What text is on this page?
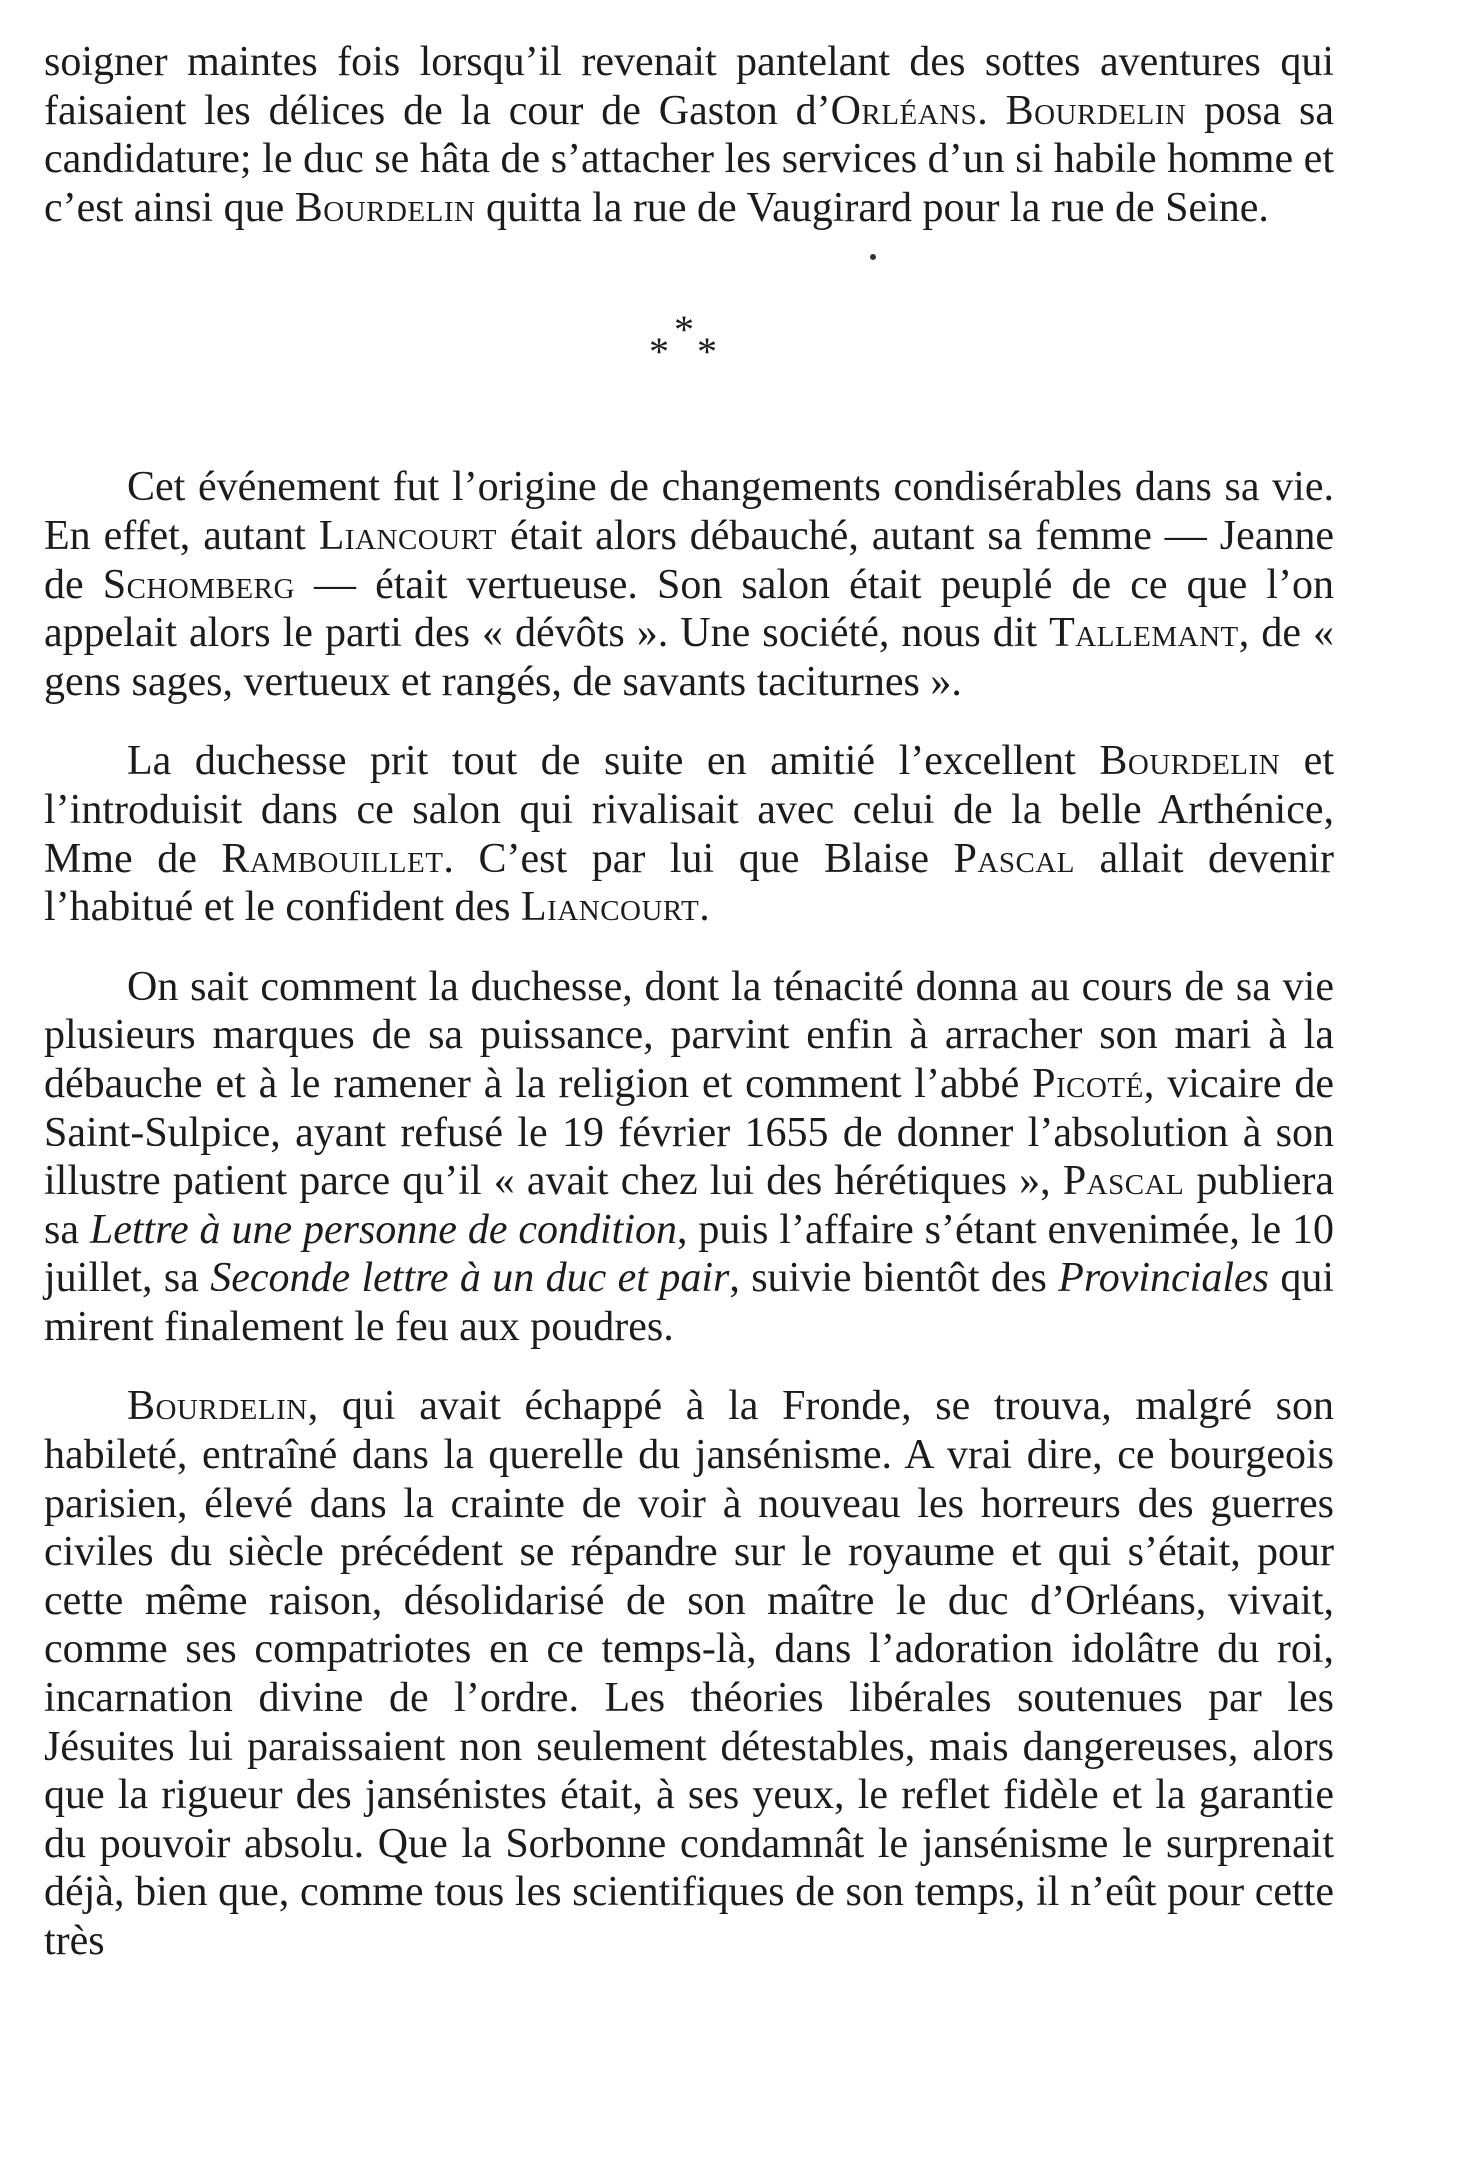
soigner maintes fois lorsqu’il revenait pantelant des sottes aventures qui faisaient les délices de la cour de Gaston d’Orléans. Bourdelin posa sa candidature; le duc se hâta de s’attacher les services d’un si habile homme et c’est ainsi que Bourdelin quitta la rue de Vaugirard pour la rue de Seine.

*
* *

Cet événement fut l’origine de changements condisérables dans sa vie. En effet, autant Liancourt était alors débauché, autant sa femme — Jeanne de Schomberg — était vertueuse. Son salon était peuplé de ce que l’on appelait alors le parti des « dévôts ». Une société, nous dit Tallemant, de « gens sages, vertueux et rangés, de savants taciturnes ».

La duchesse prit tout de suite en amitié l’excellent Bourdelin et l’introduisit dans ce salon qui rivalisait avec celui de la belle Arthénice, Mme de Rambouillet. C’est par lui que Blaise Pascal allait devenir l’habitué et le confident des Liancourt.

On sait comment la duchesse, dont la ténacité donna au cours de sa vie plusieurs marques de sa puissance, parvint enfin à arracher son mari à la débauche et à le ramener à la religion et comment l’abbé Picoté, vicaire de Saint-Sulpice, ayant refusé le 19 février 1655 de donner l’absolution à son illustre patient parce qu’il « avait chez lui des hérétiques », Pascal publiera sa Lettre à une personne de condition, puis l’affaire s’étant envenimée, le 10 juillet, sa Seconde lettre à un duc et pair, suivie bientôt des Provinciales qui mirent finalement le feu aux poudres.

Bourdelin, qui avait échappé à la Fronde, se trouva, malgré son habileté, entraîné dans la querelle du jansénisme. A vrai dire, ce bourgeois parisien, élevé dans la crainte de voir à nouveau les horreurs des guerres civiles du siècle précédent se répandre sur le royaume et qui s’était, pour cette même raison, désolidarisé de son maître le duc d’Orléans, vivait, comme ses compatriotes en ce temps-là, dans l’adoration idolâtre du roi, incarnation divine de l’ordre. Les théories libérales soutenues par les Jésuites lui paraissaient non seulement détestables, mais dangereuses, alors que la rigueur des jansénistes était, à ses yeux, le reflet fidèle et la garantie du pouvoir absolu. Que la Sorbonne condamnât le jansénisme le surprenait déjà, bien que, comme tous les scientifiques de son temps, il n’eût pour cette très
